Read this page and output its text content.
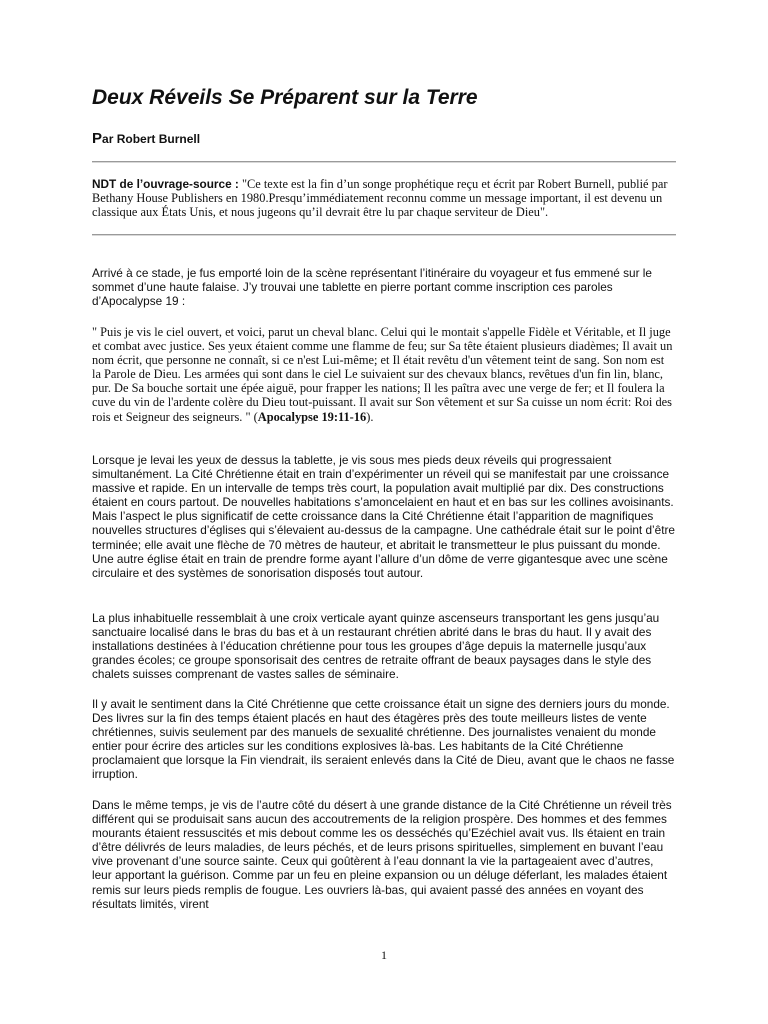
Deux Réveils Se Préparent sur la Terre

Par Robert Burnell

NDT de l’ouvrage-source : "Ce texte est la fin d’un songe prophétique reçu et écrit par Robert Burnell, publié par Bethany House Publishers en 1980.Presqu’immédiatement reconnu comme un message important, il est devenu un classique aux États Unis, et nous jugeons qu’il devrait être lu par chaque serviteur de Dieu".

Arrivé à ce stade, je fus emporté loin de la scène représentant l’itinéraire du voyageur et fus emmené sur le sommet d’une haute falaise. J’y trouvai une tablette en pierre portant comme inscription ces paroles d’Apocalypse 19 :

" Puis je vis le ciel ouvert, et voici, parut un cheval blanc. Celui qui le montait s'appelle Fidèle et Véritable, et Il juge et combat avec justice. Ses yeux étaient comme une flamme de feu; sur Sa tête étaient plusieurs diadèmes; Il avait un nom écrit, que personne ne connaît, si ce n'est Lui-même; et Il était revêtu d'un vêtement teint de sang. Son nom est la Parole de Dieu. Les armées qui sont dans le ciel Le suivaient sur des chevaux blancs, revêtues d'un fin lin, blanc, pur. De Sa bouche sortait une épée aiguë, pour frapper les nations; Il les paîtra avec une verge de fer; et Il foulera la cuve du vin de l'ardente colère du Dieu tout-puissant. Il avait sur Son vêtement et sur Sa cuisse un nom écrit: Roi des rois et Seigneur des seigneurs. " (Apocalypse 19:11-16).

Lorsque je levai les yeux de dessus la tablette, je vis sous mes pieds deux réveils qui progressaient simultanément. La Cité Chrétienne était en train d’expérimenter un réveil qui se manifestait par une croissance massive et rapide. En un intervalle de temps très court, la population avait multiplié par dix. Des constructions étaient en cours partout. De nouvelles habitations s’amoncelaient en haut et en bas sur les collines avoisinants. Mais l’aspect le plus significatif de cette croissance dans la Cité Chrétienne était l’apparition de magnifiques nouvelles structures d’églises qui s’élevaient au-dessus de la campagne. Une cathédrale était sur le point d’être terminée; elle avait une flèche de 70 mètres de hauteur, et abritait le transmetteur le plus puissant du monde. Une autre église était en train de prendre forme ayant l’allure d’un dôme de verre gigantesque avec une scène circulaire et des systèmes de sonorisation disposés tout autour.

La plus inhabituelle ressemblait à une croix verticale ayant quinze ascenseurs transportant les gens jusqu’au sanctuaire localisé dans le bras du bas et à un restaurant chrétien abrité dans le bras du haut. Il y avait des installations destinées à l’éducation chrétienne pour tous les groupes d’âge depuis la maternelle jusqu’aux grandes écoles; ce groupe sponsorisait des centres de retraite offrant de beaux paysages dans le style des chalets suisses comprenant de vastes salles de séminaire.

Il y avait le sentiment dans la Cité Chrétienne que cette croissance était un signe des derniers jours du monde. Des livres sur la fin des temps étaient placés en haut des étagères près des toute meilleurs listes de vente chrétiennes, suivis seulement par des manuels de sexualité chrétienne. Des journalistes venaient du monde entier pour écrire des articles sur les conditions explosives là-bas. Les habitants de la Cité Chrétienne proclamaient que lorsque la Fin viendrait, ils seraient enlevés dans la Cité de Dieu, avant que le chaos ne fasse irruption.

Dans le même temps, je vis de l’autre côté du désert à une grande distance de la Cité Chrétienne un réveil très différent qui se produisait sans aucun des accoutrements de la religion prospère. Des hommes et des femmes mourants étaient ressuscités et mis debout comme les os desséchés qu’Ezéchiel avait vus. Ils étaient en train d’être délivrés de leurs maladies, de leurs péchés, et de leurs prisons spirituelles, simplement en buvant l’eau vive provenant d’une source sainte. Ceux qui goûtèrent à l’eau donnant la vie la partageaient avec d’autres, leur apportant la guérison. Comme par un feu en pleine expansion ou un déluge déferlant, les malades étaient remis sur leurs pieds remplis de fougue. Les ouvriers là-bas, qui avaient passé des années en voyant des résultats limités, virent

1
